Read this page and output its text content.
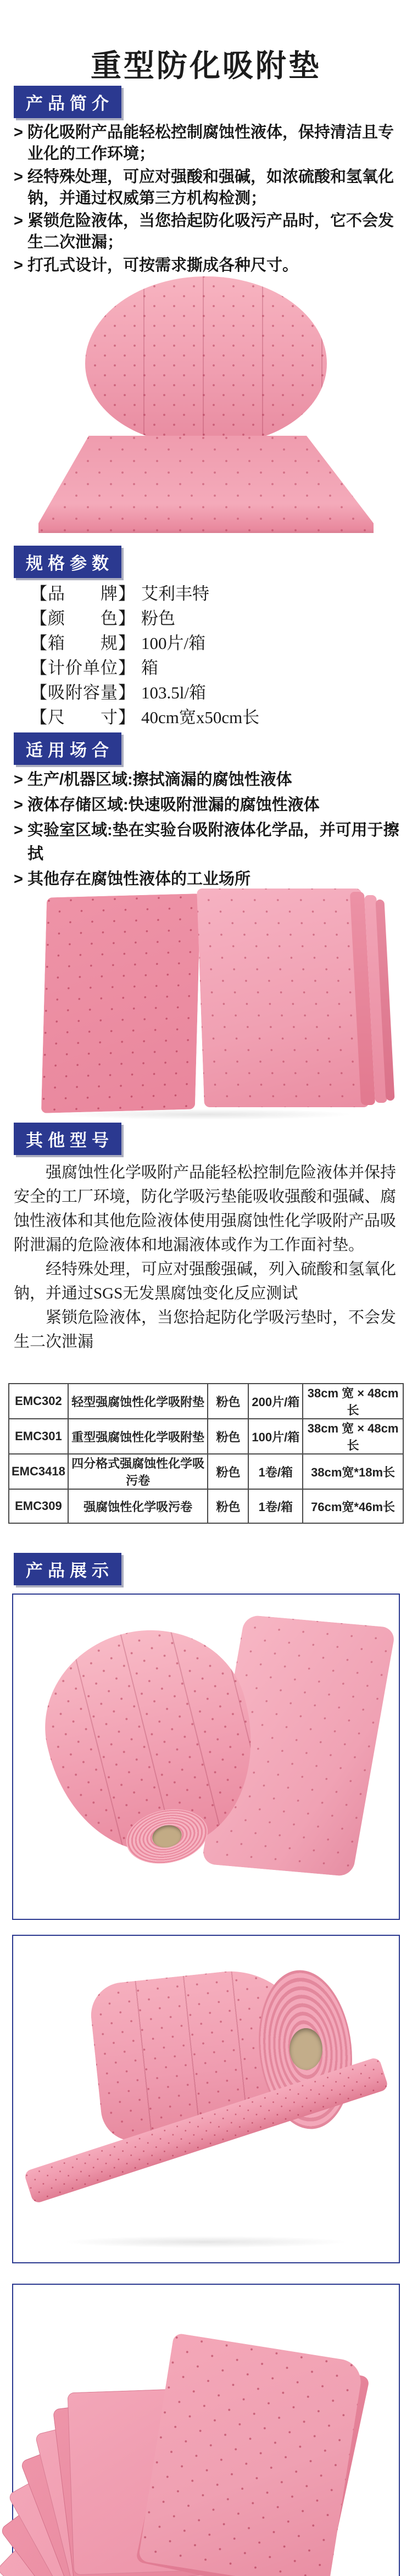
重型防化吸附垫
产品简介
> 防化吸附产品能轻松控制腐蚀性液体，保持清洁且专业化的工作环境；
> 经特殊处理，可应对强酸和强碱，如浓硫酸和氢氧化钠，并通过权威第三方机构检测；
> 紧锁危险液体，当您拾起防化吸污产品时，它不会发生二次泄漏；
> 打孔式设计，可按需求撕成各种尺寸。
规格参数
【品　　牌】 艾利丰特
【颜　　色】 粉色
【箱　　规】 100片/箱
【计价单位】 箱
【吸附容量】 103.5l/箱
【尺　　寸】 40cm宽x50cm长
适用场合
> 生产/机器区域:擦拭滴漏的腐蚀性液体
> 液体存储区域:快速吸附泄漏的腐蚀性液体
> 实验室区域:垫在实验台吸附液体化学品，并可用于擦拭
> 其他存在腐蚀性液体的工业场所
其他型号

强腐蚀性化学吸附产品能轻松控制危险液体并保持安全的工厂环境，防化学吸污垫能吸收强酸和强碱、腐蚀性液体和其他危险液体使用强腐蚀性化学吸附产品吸附泄漏的危险液体和地漏液体或作为工作面衬垫。

经特殊处理，可应对强酸强碱，列入硫酸和氢氧化钠，并通过SGS无发黑腐蚀变化反应测试

紧锁危险液体，当您拾起防化学吸污垫时，不会发生二次泄漏

EMC302	轻型强腐蚀性化学吸附垫	粉色	200片/箱	38cm 宽 × 48cm 长
EMC301	重型强腐蚀性化学吸附垫	粉色	100片/箱	38cm 宽 × 48cm 长
EMC3418	四分格式强腐蚀性化学吸污卷	粉色	1卷/箱	38cm宽*18m长
EMC309	强腐蚀性化学吸污卷	粉色	1卷/箱	76cm宽*46m长
产品展示
